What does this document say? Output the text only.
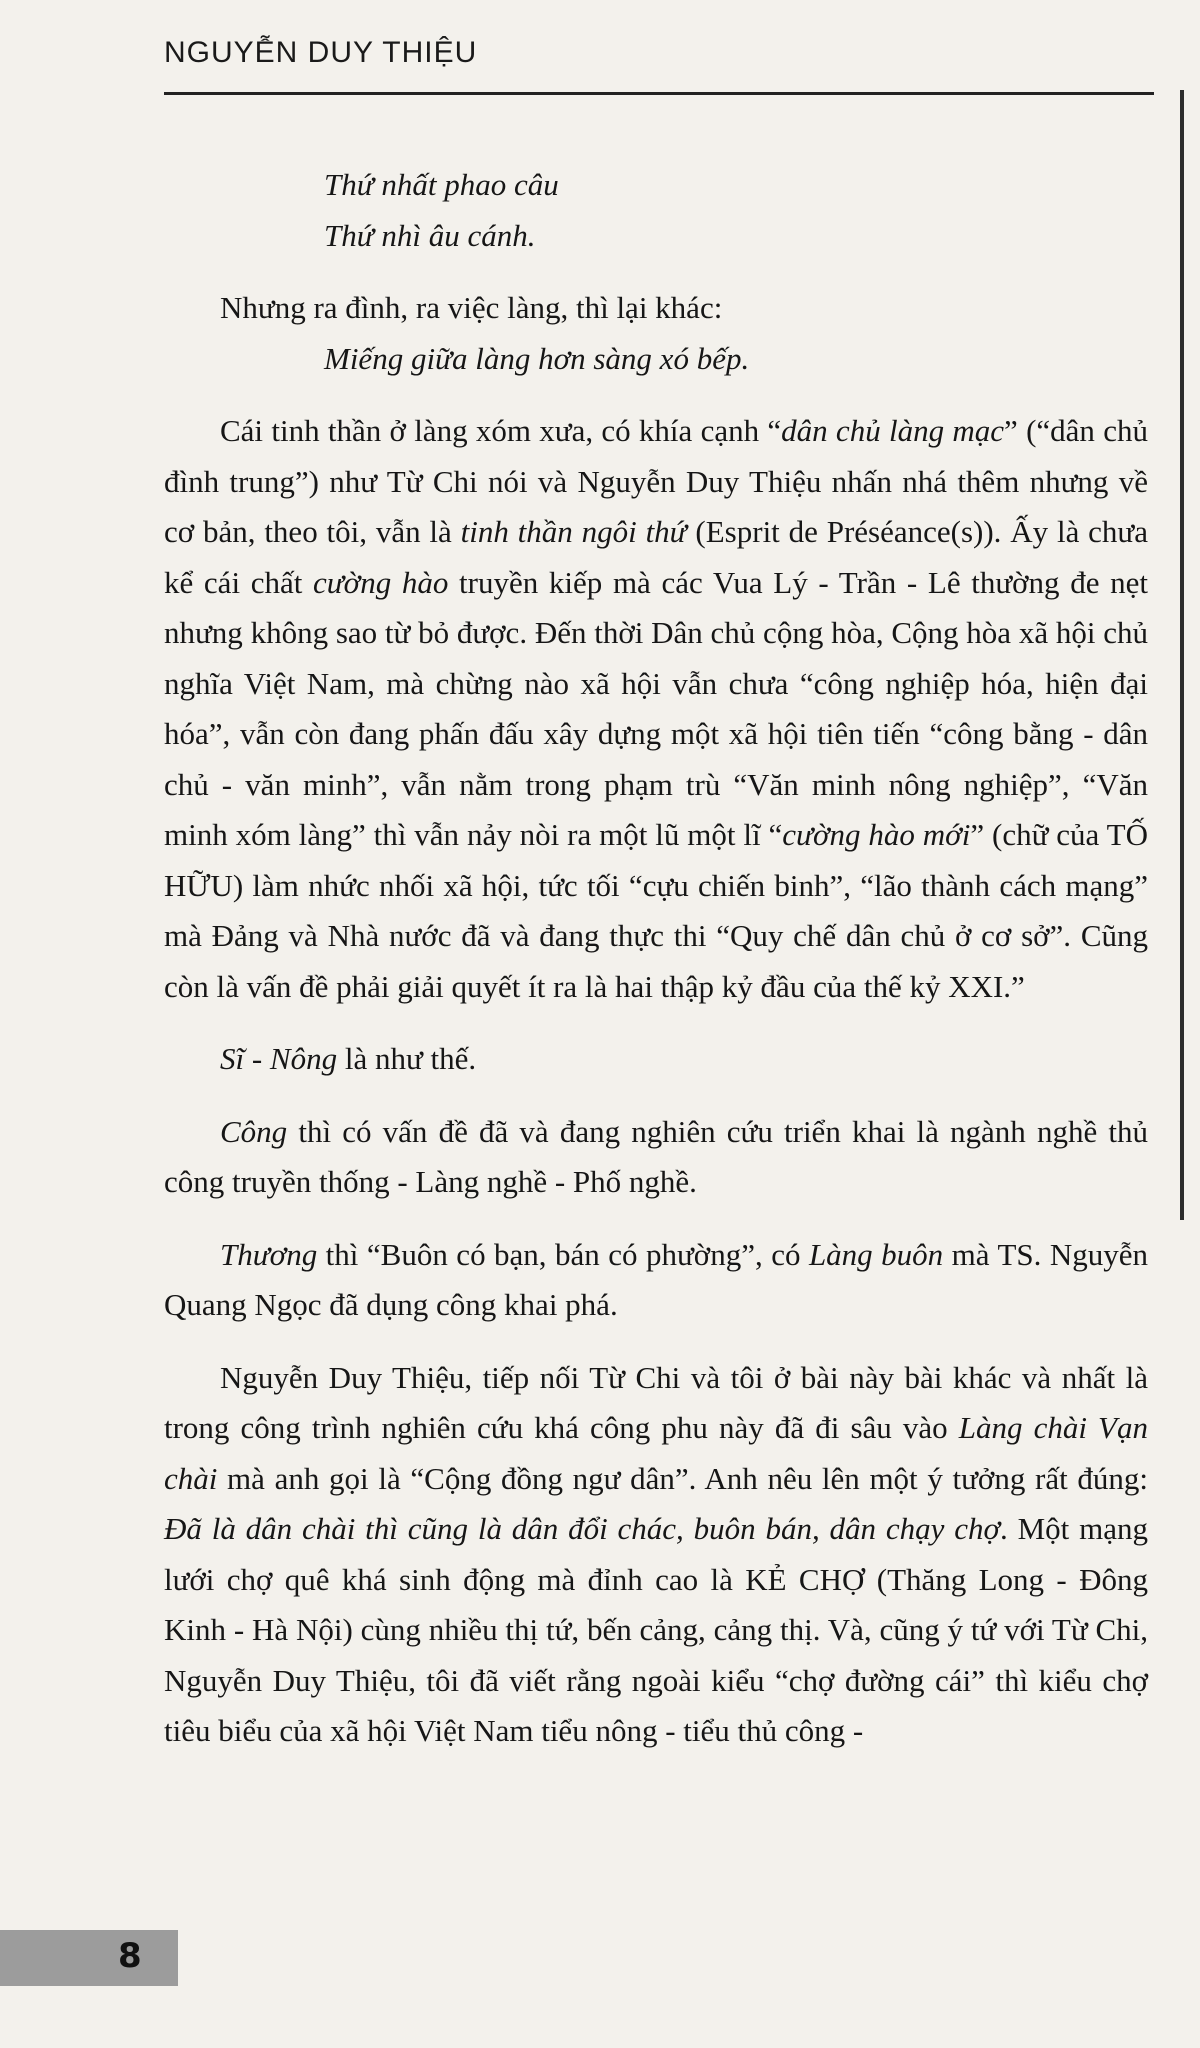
NGUYỄN DUY THIỆU

Thứ nhất phao câu

Thứ nhì âu cánh.

Nhưng ra đình, ra việc làng, thì lại khác:

Miếng giữa làng hơn sàng xó bếp.

Cái tinh thần ở làng xóm xưa, có khía cạnh “dân chủ làng mạc” (“dân chủ đình trung”) như Từ Chi nói và Nguyễn Duy Thiệu nhấn nhá thêm nhưng về cơ bản, theo tôi, vẫn là tinh thần ngôi thứ (Esprit de Préséance(s)). Ấy là chưa kể cái chất cường hào truyền kiếp mà các Vua Lý - Trần - Lê thường đe nẹt nhưng không sao từ bỏ được. Đến thời Dân chủ cộng hòa, Cộng hòa xã hội chủ nghĩa Việt Nam, mà chừng nào xã hội vẫn chưa “công nghiệp hóa, hiện đại hóa”, vẫn còn đang phấn đấu xây dựng một xã hội tiên tiến “công bằng - dân chủ - văn minh”, vẫn nằm trong phạm trù “Văn minh nông nghiệp”, “Văn minh xóm làng” thì vẫn nảy nòi ra một lũ một lĩ “cường hào mới” (chữ của TỐ HỮU) làm nhức nhối xã hội, tức tối “cựu chiến binh”, “lão thành cách mạng” mà Đảng và Nhà nước đã và đang thực thi “Quy chế dân chủ ở cơ sở”. Cũng còn là vấn đề phải giải quyết ít ra là hai thập kỷ đầu của thế kỷ XXI.”

Sĩ - Nông là như thế.

Công thì có vấn đề đã và đang nghiên cứu triển khai là ngành nghề thủ công truyền thống - Làng nghề - Phố nghề.

Thương thì “Buôn có bạn, bán có phường”, có Làng buôn mà TS. Nguyễn Quang Ngọc đã dụng công khai phá.

Nguyễn Duy Thiệu, tiếp nối Từ Chi và tôi ở bài này bài khác và nhất là trong công trình nghiên cứu khá công phu này đã đi sâu vào Làng chài Vạn chài mà anh gọi là “Cộng đồng ngư dân”. Anh nêu lên một ý tưởng rất đúng: Đã là dân chài thì cũng là dân đổi chác, buôn bán, dân chạy chợ. Một mạng lưới chợ quê khá sinh động mà đỉnh cao là KẺ CHỢ (Thăng Long - Đông Kinh - Hà Nội) cùng nhiều thị tứ, bến cảng, cảng thị. Và, cũng ý tứ với Từ Chi, Nguyễn Duy Thiệu, tôi đã viết rằng ngoài kiểu “chợ đường cái” thì kiểu chợ tiêu biểu của xã hội Việt Nam tiểu nông - tiểu thủ công -

8
